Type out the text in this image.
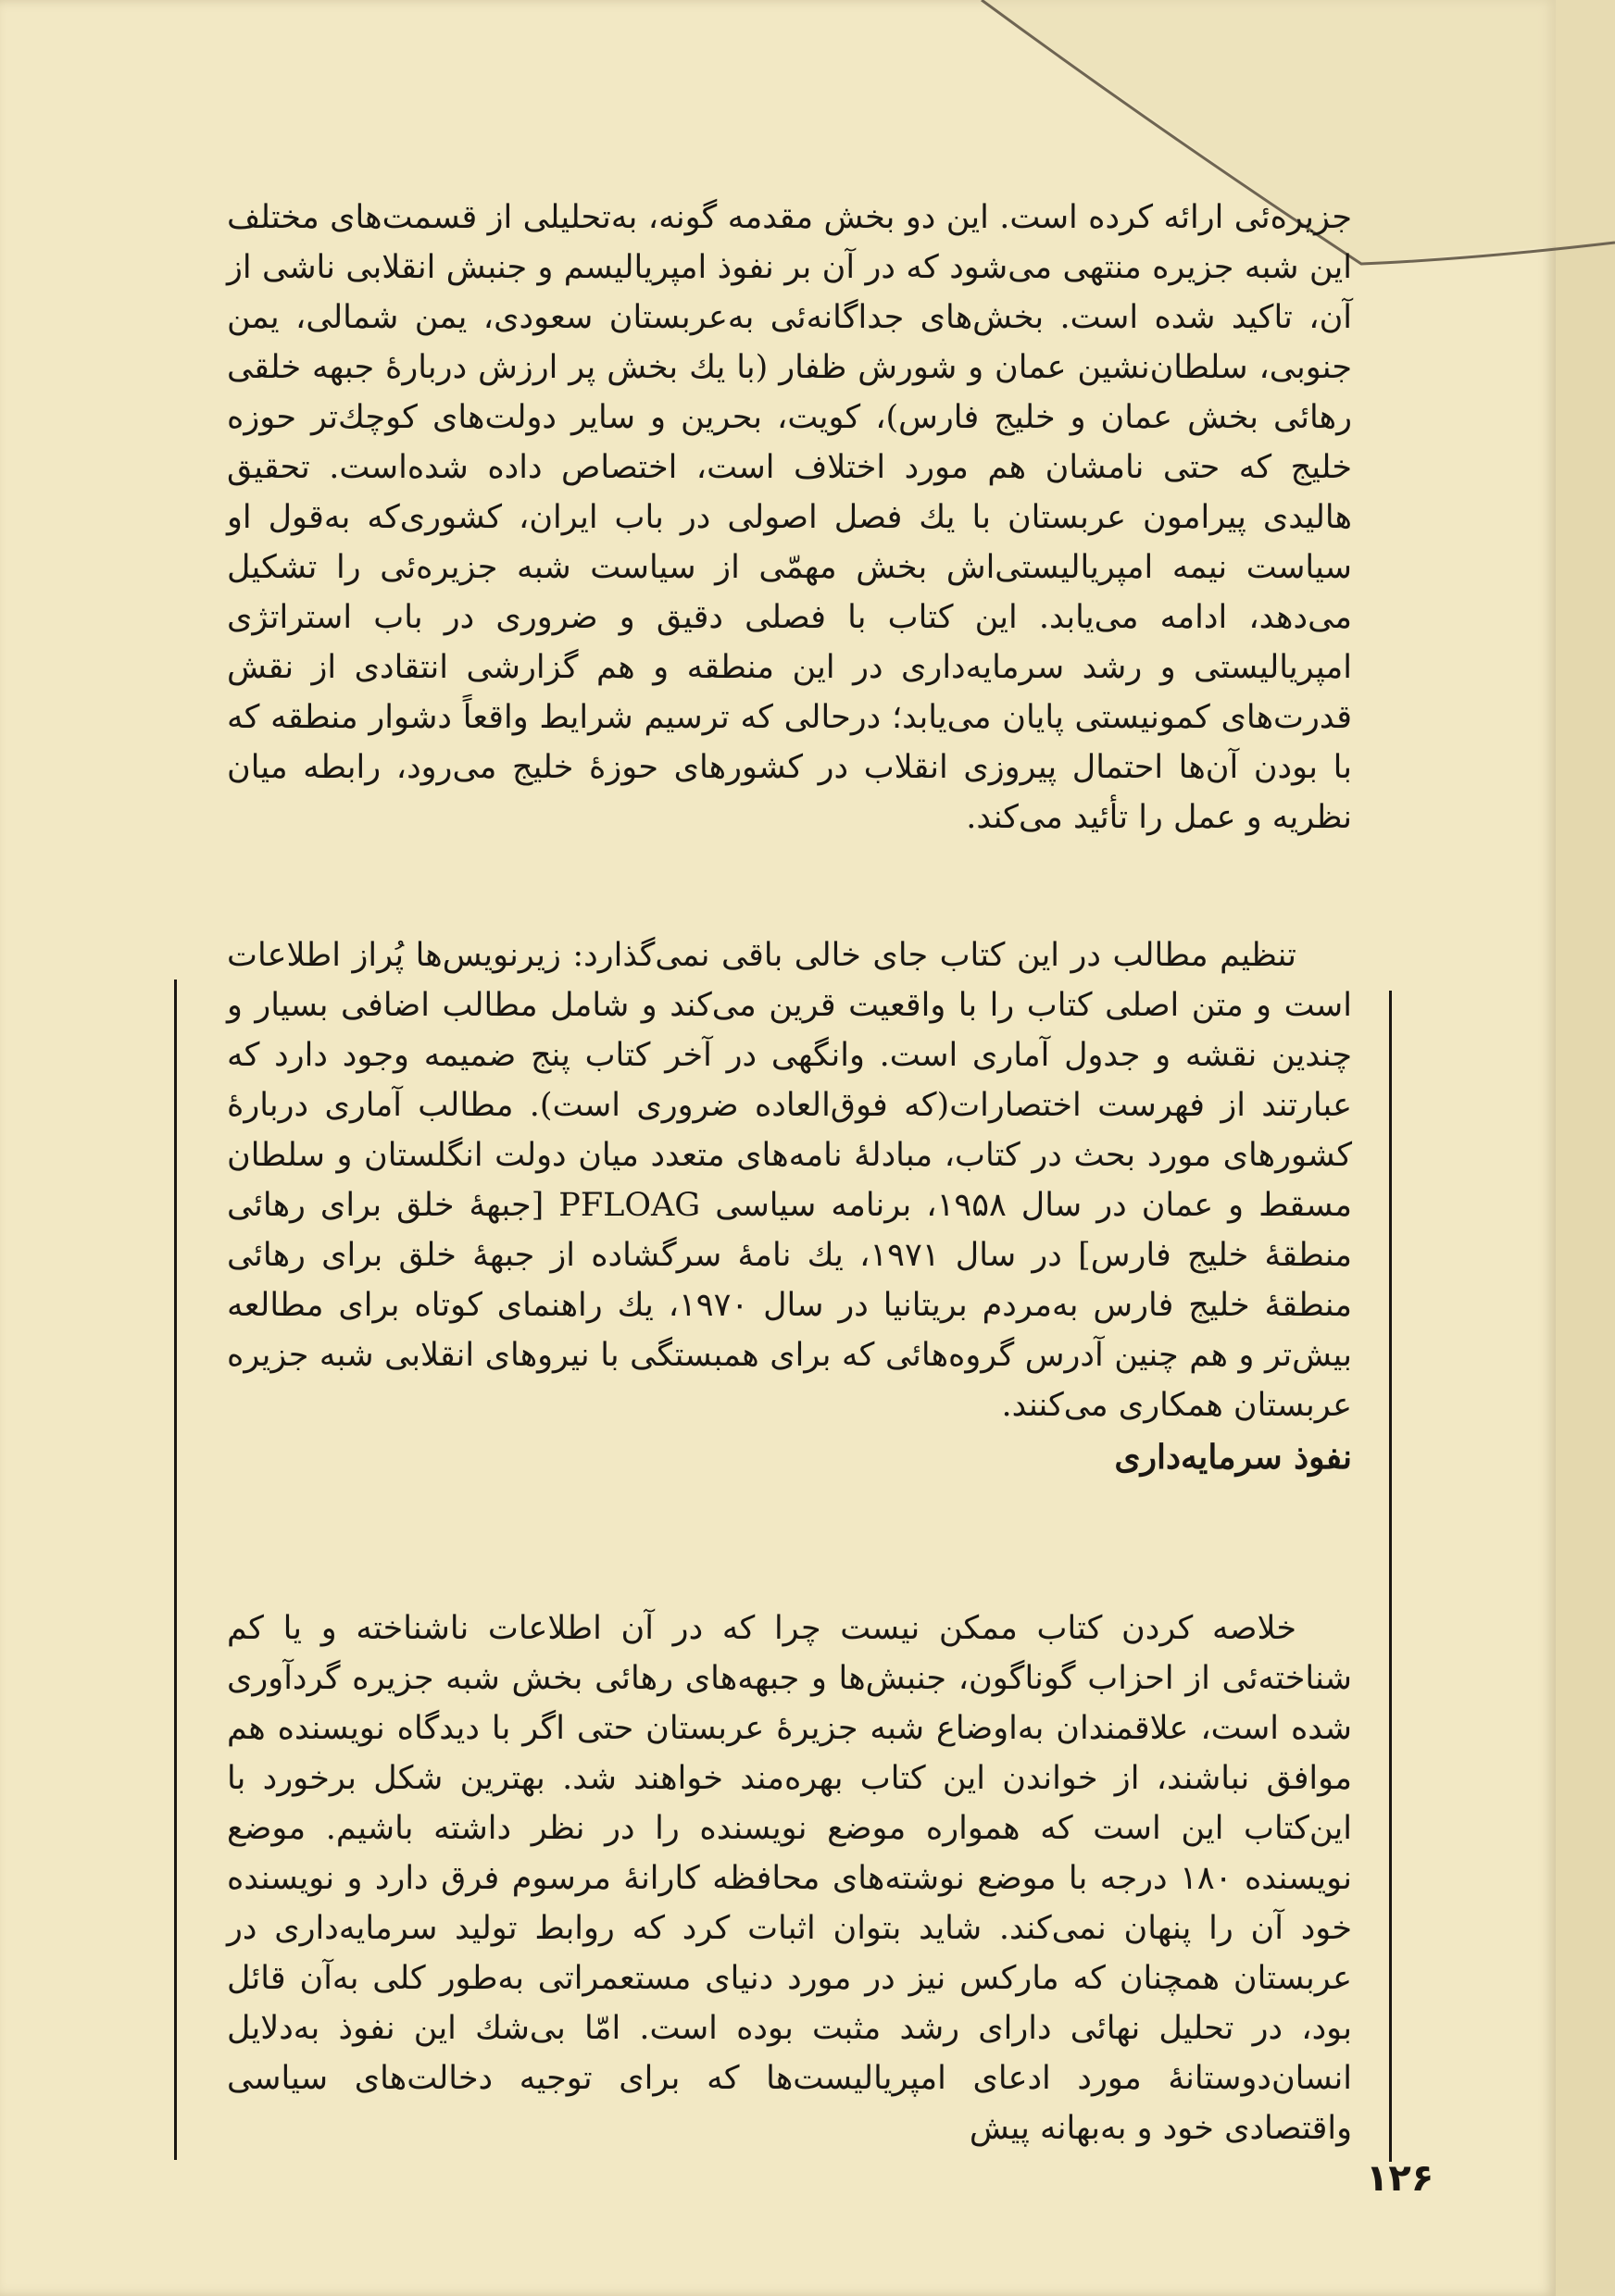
جزیره‌ئی ارائه کرده است. این دو بخش مقدمه گونه، به‌تحلیلی از قسمت‌های مختلف این شبه جزیره منتهی می‌شود که در آن بر نفوذ امپریالیسم و جنبش انقلابی ناشی از آن، تاکید شده است. بخش‌های جداگانه‌ئی به‌عربستان سعودی، یمن شمالی، یمن جنوبی، سلطان‌نشین عمان و شورش ظفار (با یك بخش پر ارزش دربارهٔ جبهه خلقی رهائی بخش عمان و خلیج فارس)، کویت، بحرین و سایر دولت‌های کوچك‌تر حوزه خلیج که حتی نامشان هم مورد اختلاف است، اختصاص داده شده‌است. تحقیق هالیدی پیرامون عربستان با یك فصل اصولی در باب ایران، کشوری‌که به‌قول او سیاست نیمه امپریالیستی‌اش بخش مهمّی از سیاست شبه جزیره‌ئی را تشکیل می‌دهد، ادامه می‌یابد. این کتاب با فصلی دقیق و ضروری در باب استراتژی امپریالیستی و رشد سرمایه‌داری در این منطقه و هم گزارشی انتقادی از نقش قدرت‌های کمونیستی پایان می‌یابد؛ درحالی که ترسیم شرایط واقعاً دشوار منطقه که با بودن آن‌ها احتمال پیروزی انقلاب در کشورهای حوزهٔ خلیج می‌رود، رابطه میان نظریه و عمل را تأئید می‌کند.

تنظیم مطالب در این کتاب جای خالی باقی نمی‌گذارد: زیرنویس‌ها پُراز اطلاعات است و متن اصلی کتاب را با واقعیت قرین می‌کند و شامل مطالب اضافی بسیار و چندین نقشه و جدول آماری است. وانگهی در آخر کتاب پنج ضمیمه وجود دارد که عبارتند از فهرست اختصارات(که فوق‌العاده ضروری است). مطالب آماری دربارهٔ کشورهای مورد بحث در کتاب، مبادلهٔ نامه‌های متعدد میان دولت انگلستان و سلطان مسقط و عمان در سال ۱۹۵۸، برنامه سیاسی PFLOAG [جبههٔ خلق برای رهائی منطقهٔ خلیج فارس] در سال ۱۹۷۱، یك نامهٔ سرگشاده از جبههٔ خلق برای رهائی منطقهٔ خلیج فارس به‌مردم بریتانیا در سال ۱۹۷۰، یك راهنمای کوتاه برای مطالعه بیش‌تر و هم چنین آدرس گروه‌هائی که برای همبستگی با نیروهای انقلابی شبه جزیره عربستان همکاری می‌کنند.

نفوذ سرمایه‌داری

خلاصه کردن کتاب ممکن نیست چرا که در آن اطلاعات ناشناخته و یا کم شناخته‌ئی از احزاب گوناگون، جنبش‌ها و جبهه‌های رهائی بخش شبه جزیره گردآوری شده است، علاقمندان به‌اوضاع شبه جزیرهٔ عربستان حتی اگر با دیدگاه نویسنده هم موافق نباشند، از خواندن این کتاب بهره‌مند خواهند شد. بهترین شکل برخورد با این‌کتاب این است که همواره موضع نویسنده را در نظر داشته باشیم. موضع نویسنده ۱۸۰ درجه با موضع نوشته‌های محافظه کارانهٔ مرسوم فرق دارد و نویسنده خود آن را پنهان نمی‌کند. شاید بتوان اثبات کرد که روابط تولید سرمایه‌داری در عربستان همچنان که مارکس نیز در مورد دنیای مستعمراتی به‌طور کلی به‌آن قائل بود، در تحلیل نهائی دارای رشد مثبت بوده است. امّا بی‌شك این نفوذ به‌دلایل انسان‌دوستانهٔ مورد ادعای امپریالیست‌ها که برای توجیه دخالت‌های سیاسی واقتصادی خود و به‌بهانه پیش

۱۲۶
